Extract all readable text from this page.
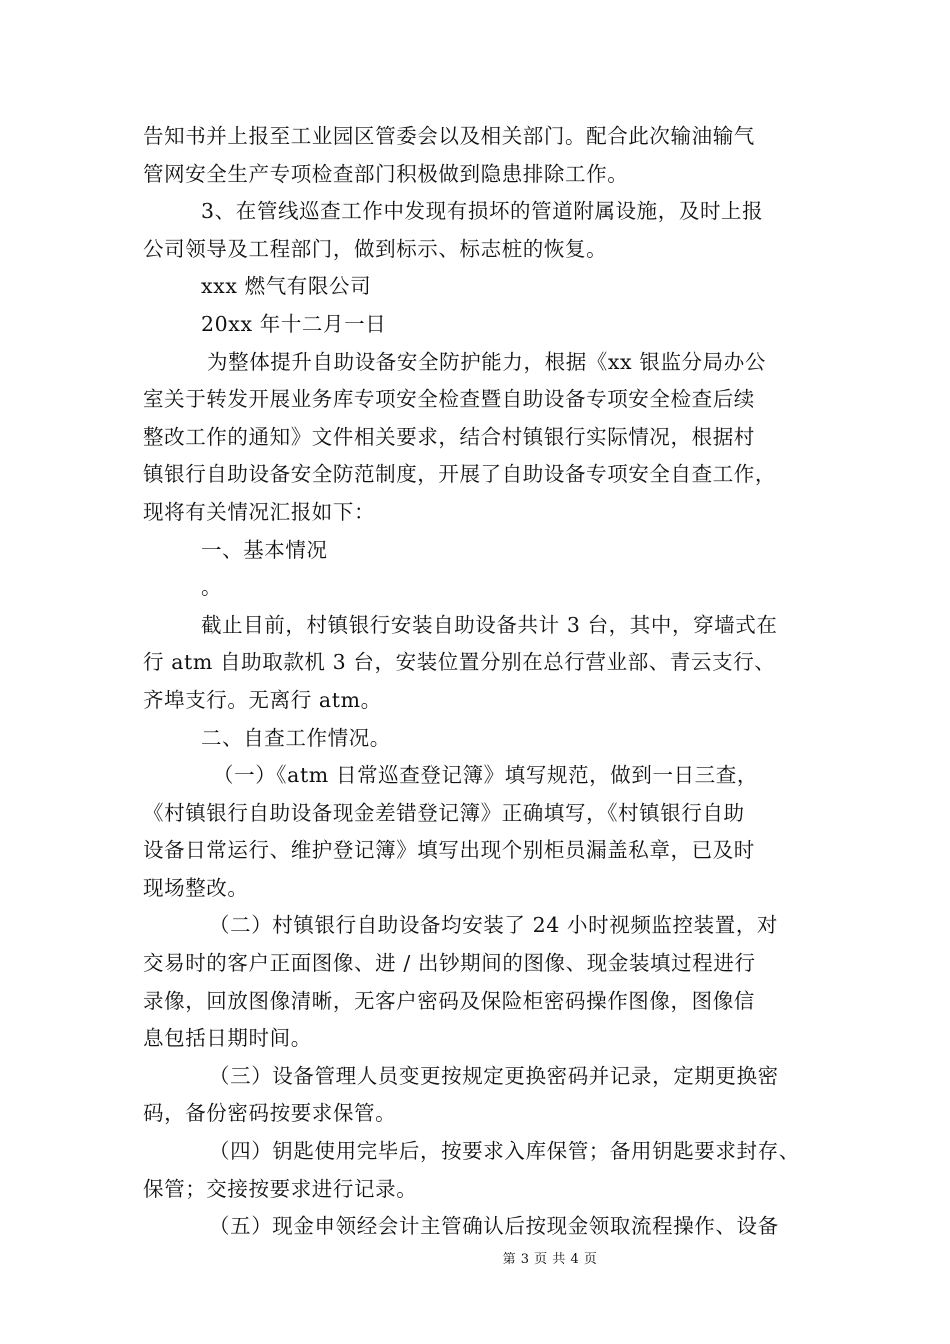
告知书并上报至工业园区管委会以及相关部门。配合此次输油输气
管网安全生产专项检查部门积极做到隐患排除工作。
3、在管线巡查工作中发现有损坏的管道附属设施，及时上报
公司领导及工程部门，做到标示、标志桩的恢复。
xxx 燃气有限公司
20xx 年十二月一日
为整体提升自助设备安全防护能力，根据《xx 银监分局办公
室关于转发开展业务库专项安全检查暨自助设备专项安全检查后续
整改工作的通知》文件相关要求，结合村镇银行实际情况，根据村
镇银行自助设备安全防范制度，开展了自助设备专项安全自查工作，
现将有关情况汇报如下：
一、基本情况
。
截止目前，村镇银行安装自助设备共计 3 台，其中，穿墙式在
行 atm 自助取款机 3 台，安装位置分别在总行营业部、青云支行、
齐埠支行。无离行 atm。
二、自查工作情况。
（一）《atm 日常巡查登记簿》填写规范，做到一日三查，
《村镇银行自助设备现金差错登记簿》正确填写，《村镇银行自助
设备日常运行、维护登记簿》填写出现个别柜员漏盖私章，已及时
现场整改。
（二）村镇银行自助设备均安装了 24 小时视频监控装置，对
交易时的客户正面图像、进 / 出钞期间的图像、现金装填过程进行
录像，回放图像清晰，无客户密码及保险柜密码操作图像，图像信
息包括日期时间。
（三）设备管理人员变更按规定更换密码并记录，定期更换密
码，备份密码按要求保管。
（四）钥匙使用完毕后，按要求入库保管；备用钥匙要求封存、
保管；交接按要求进行记录。
（五）现金申领经会计主管确认后按现金领取流程操作、设备
第 3 页 共 4 页
